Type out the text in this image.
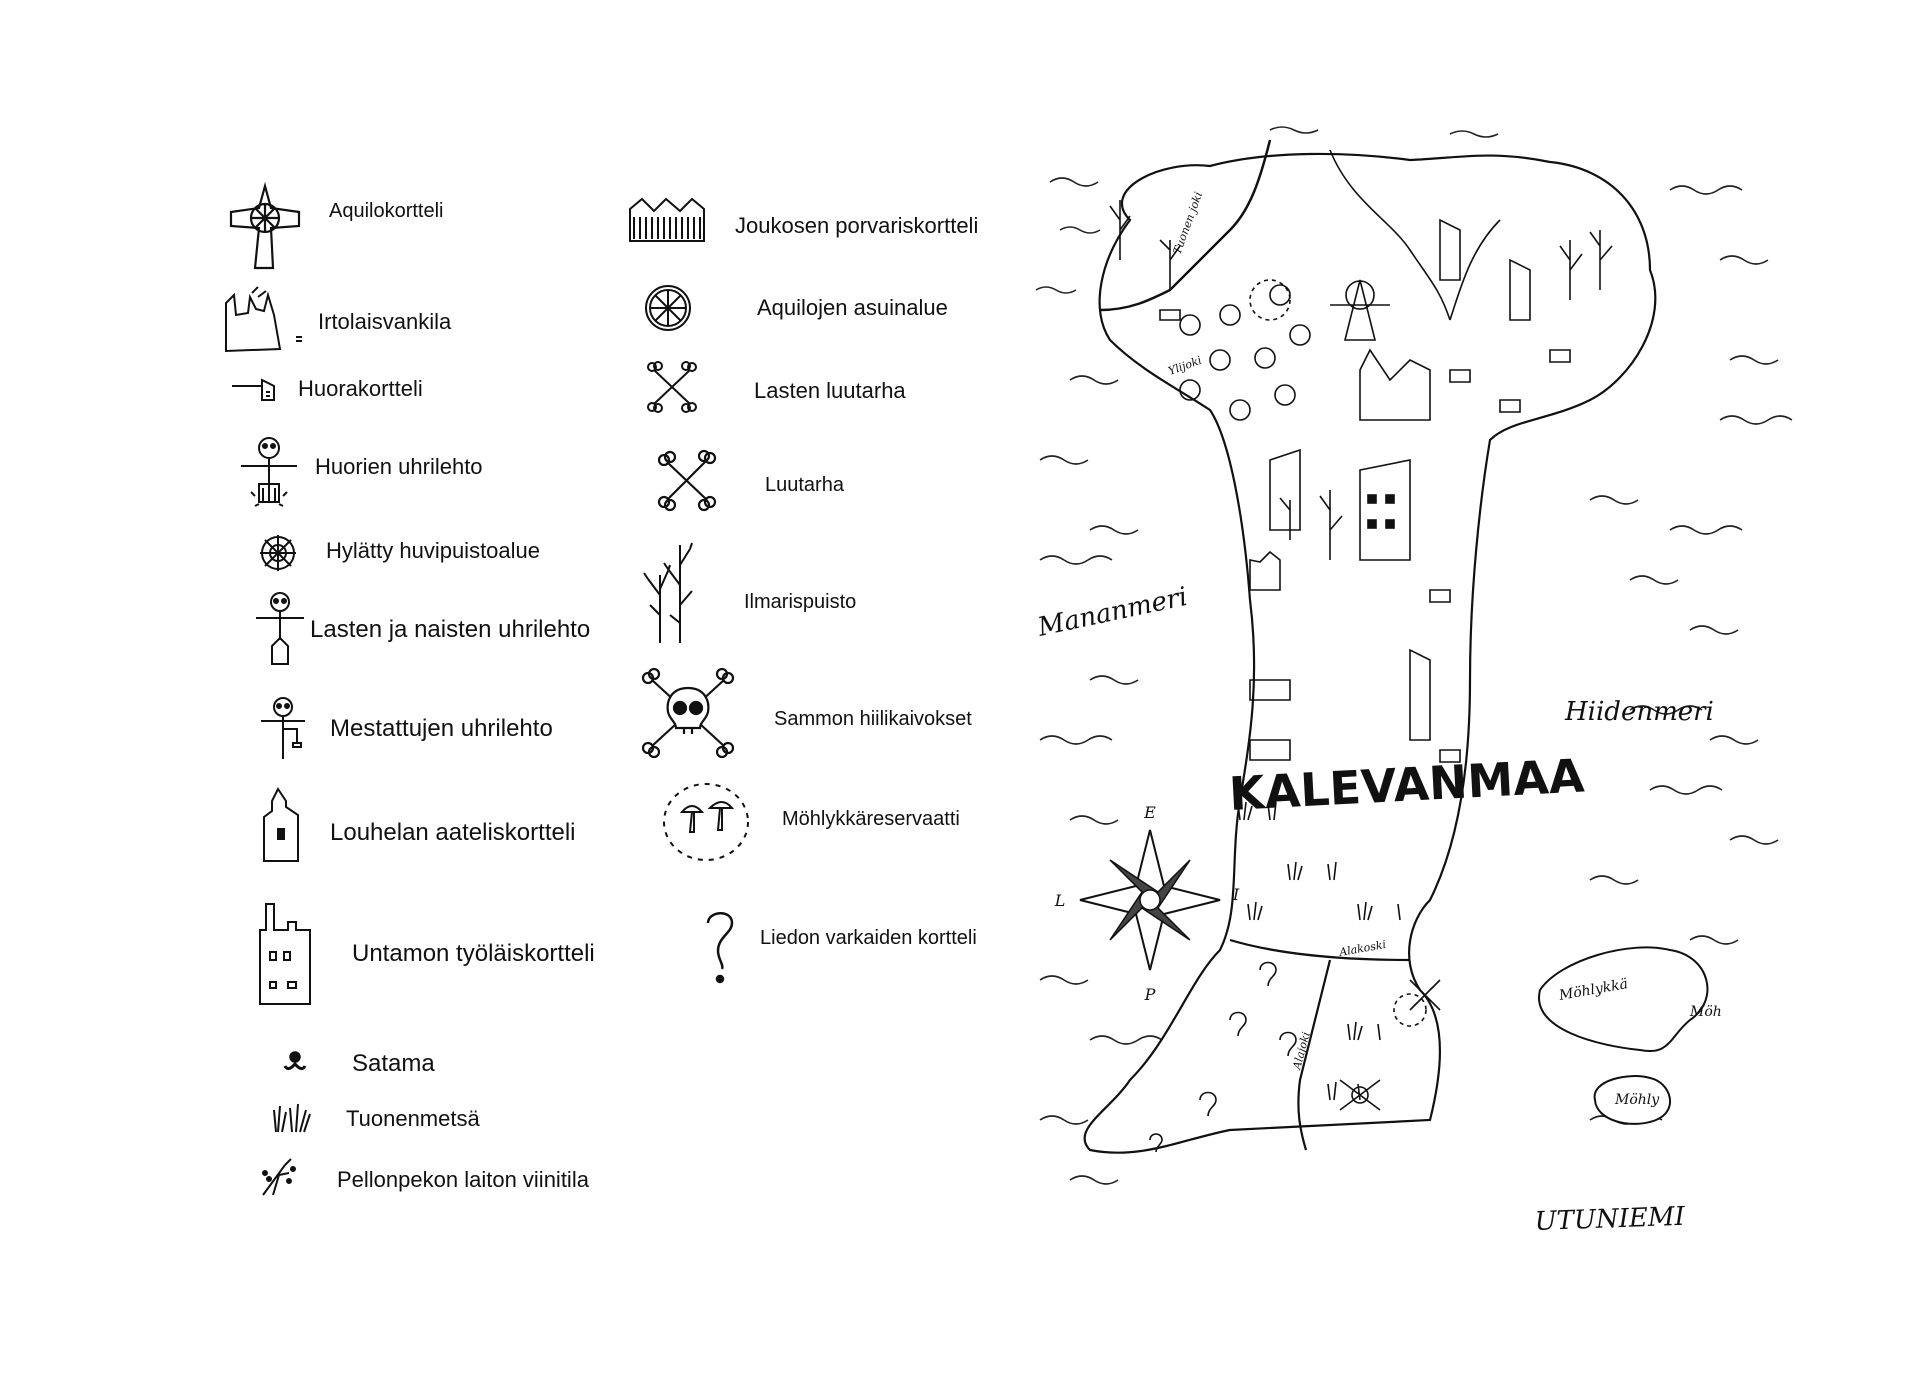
Aquilokortteli
Irtolaisvankila
Huorakortteli
Huorien uhrilehto
Hylätty huvipuistoalue
Lasten ja naisten uhrilehto
Mestattujen uhrilehto
Louhelan aateliskortteli
Untamon työläiskortteli
Satama
Tuonenmetsä
Pellonpekon laiton viinitila
Joukosen porvariskortteli
Aquilojen asuinalue
Lasten luutarha
Luutarha
Ilmarispuisto
Sammon hiilikaivokset
Möhlykkäreservaatti
Liedon varkaiden kortteli
E
P
L	I
KALEVANMAA
Mananmeri
Hiidenmeri
UTUNIEMI
Tuonen joki
Ylijoki
Alakoski
Alajoki
Möhlykkä
Möh
Möhly
